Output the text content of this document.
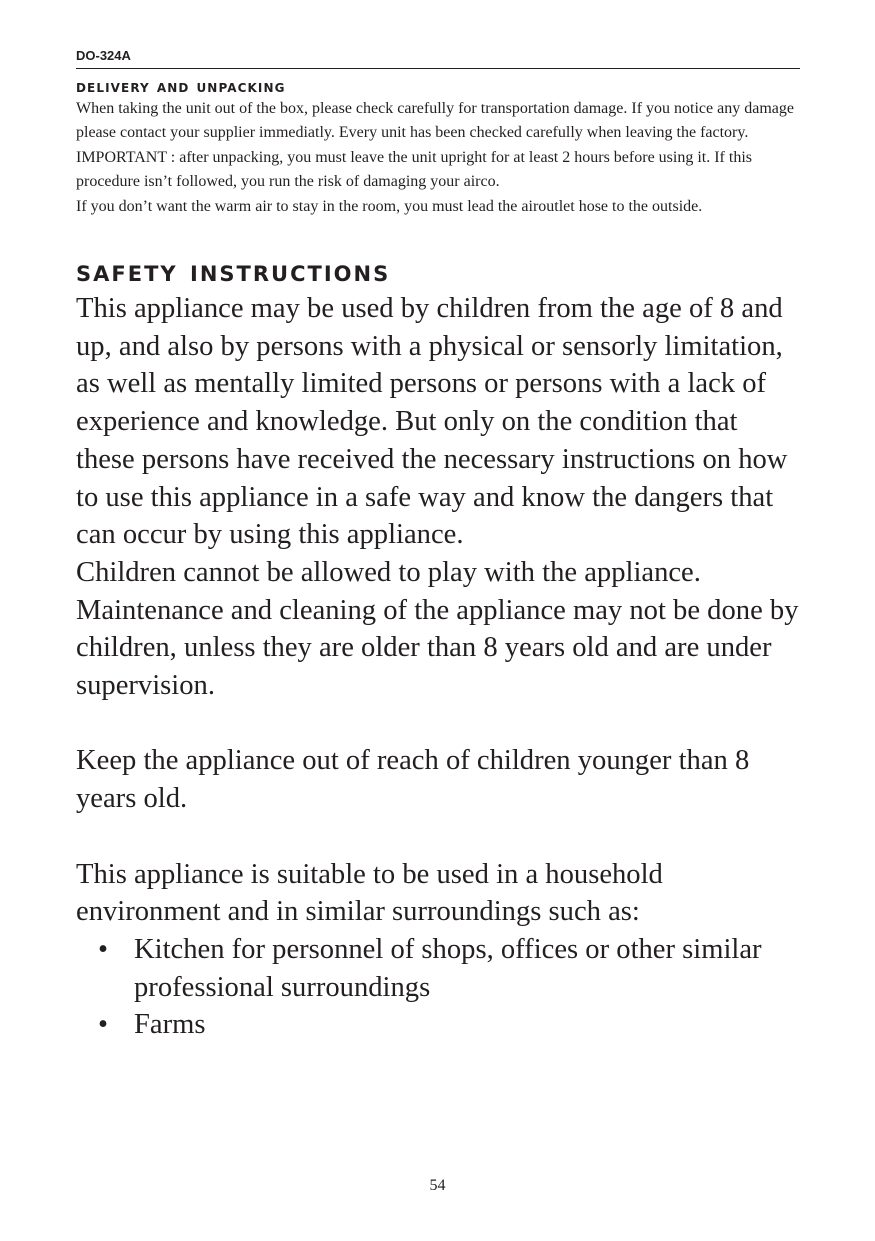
DO-324A
delivery and unpacking

When taking the unit out of the box, please check carefully for transportation damage. If you notice any damage please contact your supplier immediatly. Every unit has been checked carefully when leaving the factory.

IMPORTANT : after unpacking, you must leave the unit upright for at least 2 hours before using it. If this procedure isn’t followed, you run the risk of damaging your airco.

If you don’t want the warm air to stay in the room, you must lead the airoutlet hose to the outside.

safety instructions

This appliance may be used by children from the age of 8 and up, and also by persons with a physical or sensorly limitation, as well as mentally limited persons or persons with a lack of experience and knowledge. But only on the condition that these persons have received the necessary instructions on how to use this appliance in a safe way and know the dangers that can occur by using this appliance.

Children cannot be allowed to play with the appliance. Maintenance and cleaning of the appliance may not be done by children, unless they are older than 8 years old and are under supervision.

Keep the appliance out of reach of children younger than 8 years old.

This appliance is suitable to be used in a household environment and in similar surroundings such as:

• Kitchen for personnel of shops, offices or other similar professional surroundings
• Farms
54
